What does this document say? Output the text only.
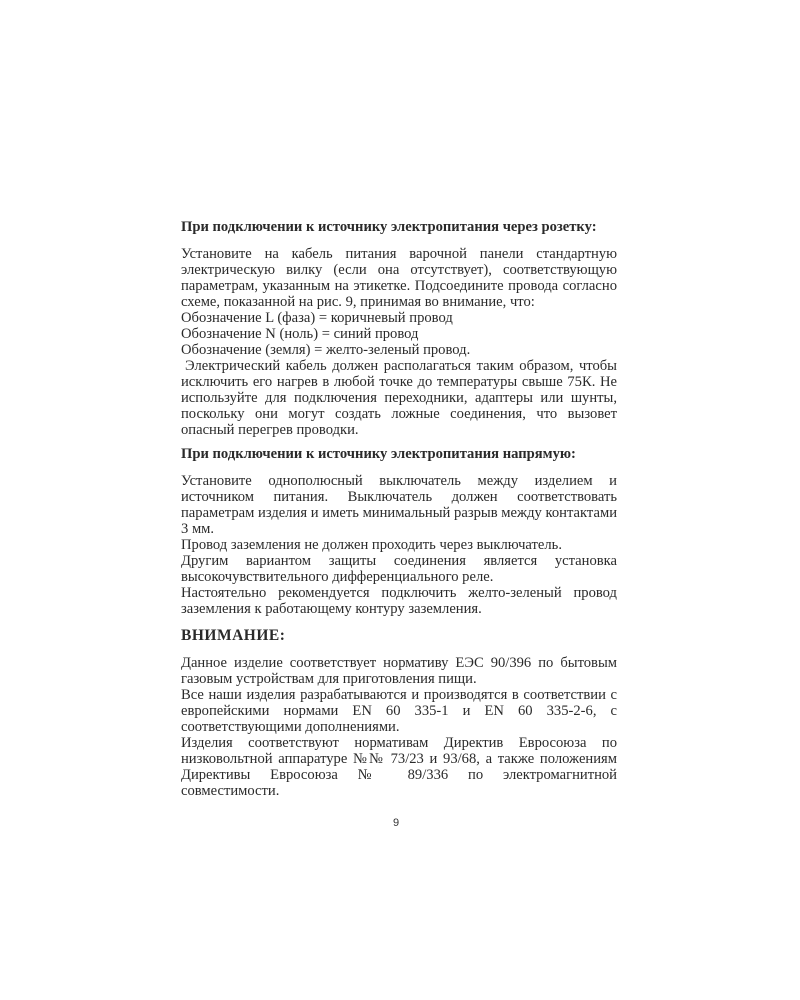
При подключении к источнику электропитания через розетку:

Установите на кабель питания варочной панели стандартную электрическую вилку (если она отсутствует), соответствующую параметрам, указанным на этикетке. Подсоедините провода согласно схеме, показанной на рис. 9, принимая во внимание, что:

Обозначение L (фаза) = коричневый провод

Обозначение N (ноль) = синий провод

Обозначение (земля) = желто-зеленый провод.

Электрический кабель должен располагаться таким образом, чтобы исключить его нагрев в любой точке до температуры свыше 75К. Не используйте для подключения переходники, адаптеры или шунты, поскольку они могут создать ложные соединения, что вызовет опасный перегрев проводки.

При подключении к источнику электропитания напрямую:

Установите однополюсный выключатель между изделием и источником питания. Выключатель должен соответствовать параметрам изделия и иметь минимальный разрыв между контактами 3 мм.

Провод заземления не должен проходить через выключатель.

Другим вариантом защиты соединения является установка высокочувствительного дифференциального реле.

Настоятельно рекомендуется подключить желто-зеленый провод заземления к работающему контуру заземления.

ВНИМАНИЕ:

Данное изделие соответствует нормативу ЕЭС 90/396 по бытовым газовым устройствам для приготовления пищи.

Все наши изделия разрабатываются и производятся в соответствии с европейскими нормами EN 60 335-1 и EN 60 335-2-6, с соответствующими дополнениями.

Изделия соответствуют нормативам Директив Евросоюза по низковольтной аппаратуре №№ 73/23 и 93/68, а также положениям Директивы Евросоюза № 89/336 по электромагнитной совместимости.

9
